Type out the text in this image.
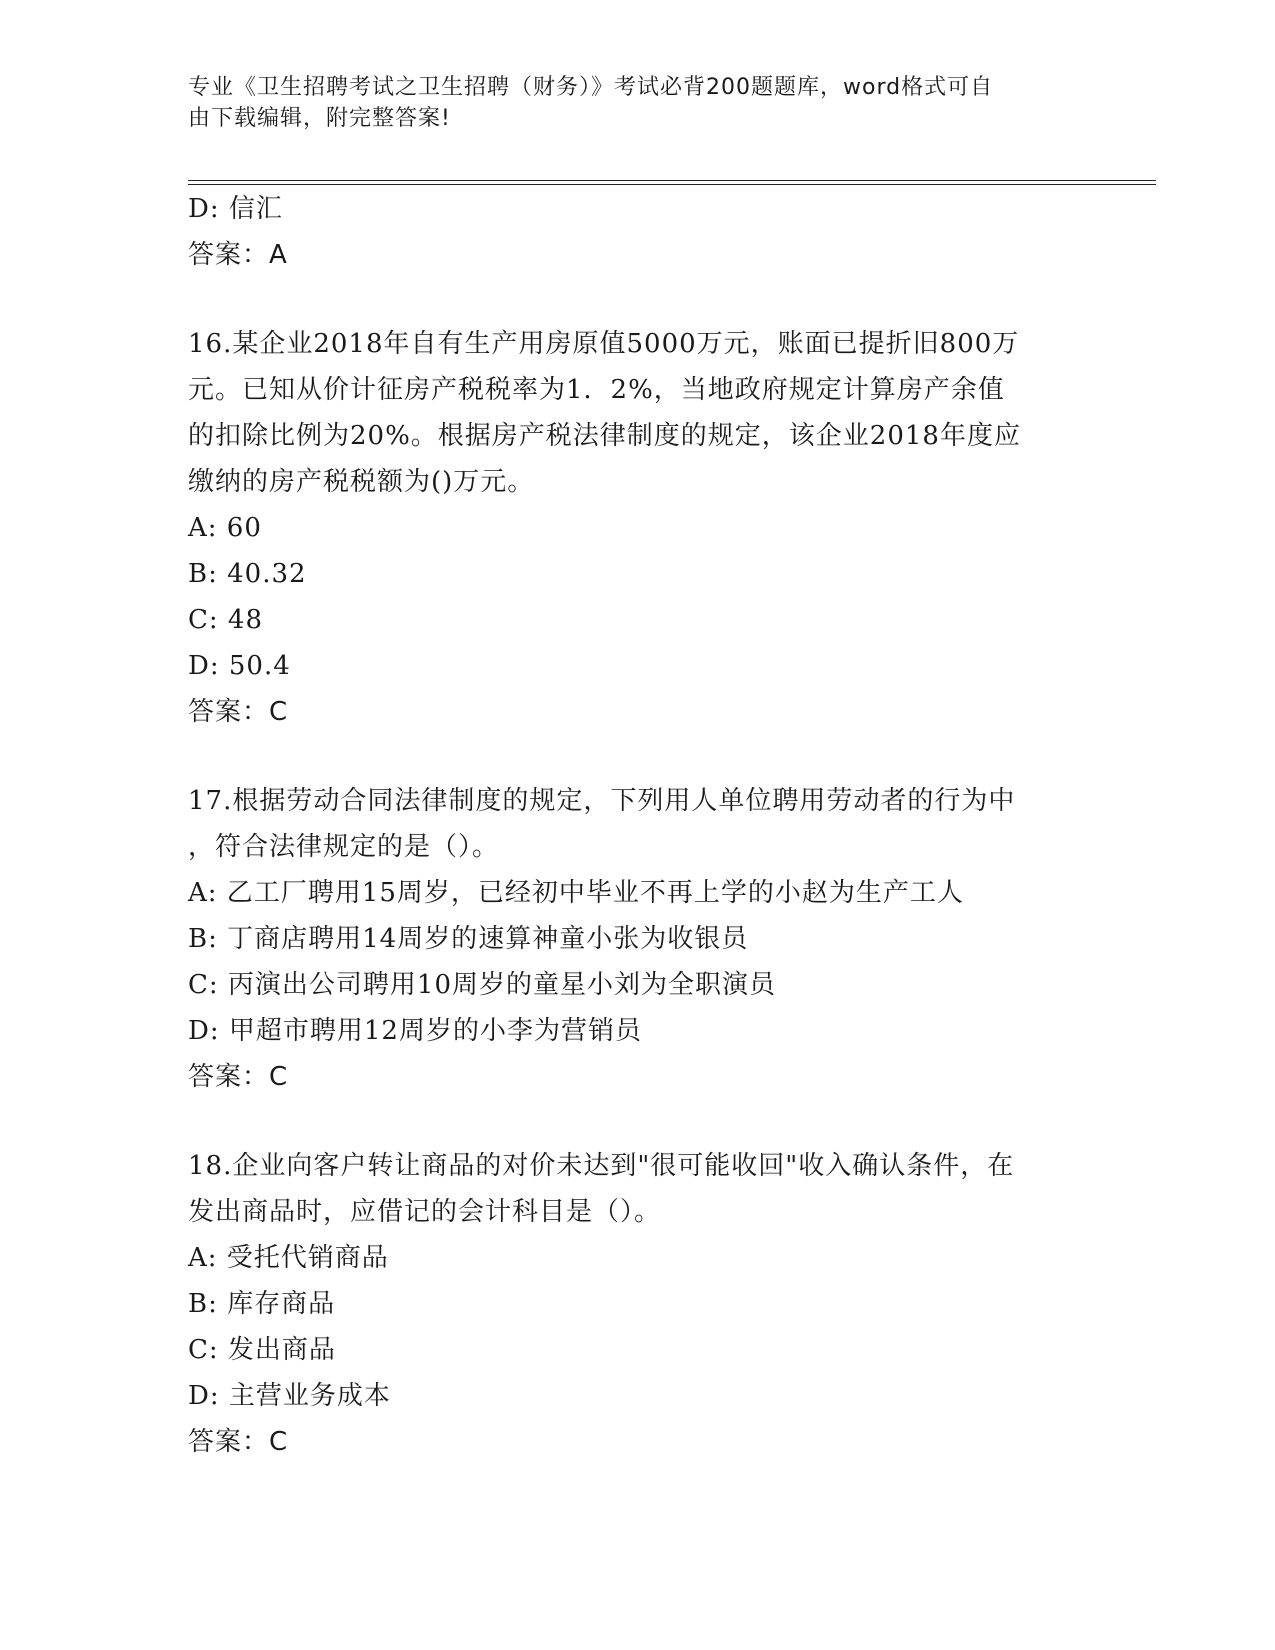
专业《卫生招聘考试之卫生招聘（财务）》考试必背200题题库，word格式可自
由下载编辑，附完整答案!
D: 信汇
答案：A
16.某企业2018年自有生产用房原值5000万元，账面已提折旧800万
元。已知从价计征房产税税率为1．2%，当地政府规定计算房产余值
的扣除比例为20%。根据房产税法律制度的规定，该企业2018年度应
缴纳的房产税税额为()万元。
A: 60
B: 40.32
C: 48
D: 50.4
答案：C
17.根据劳动合同法律制度的规定，下列用人单位聘用劳动者的行为中
，符合法律规定的是（）。
A: 乙工厂聘用15周岁，已经初中毕业不再上学的小赵为生产工人
B: 丁商店聘用14周岁的速算神童小张为收银员
C: 丙演出公司聘用10周岁的童星小刘为全职演员
D: 甲超市聘用12周岁的小李为营销员
答案：C
18.企业向客户转让商品的对价未达到"很可能收回"收入确认条件，在
发出商品时，应借记的会计科目是（）。
A: 受托代销商品
B: 库存商品
C: 发出商品
D: 主营业务成本
答案：C
